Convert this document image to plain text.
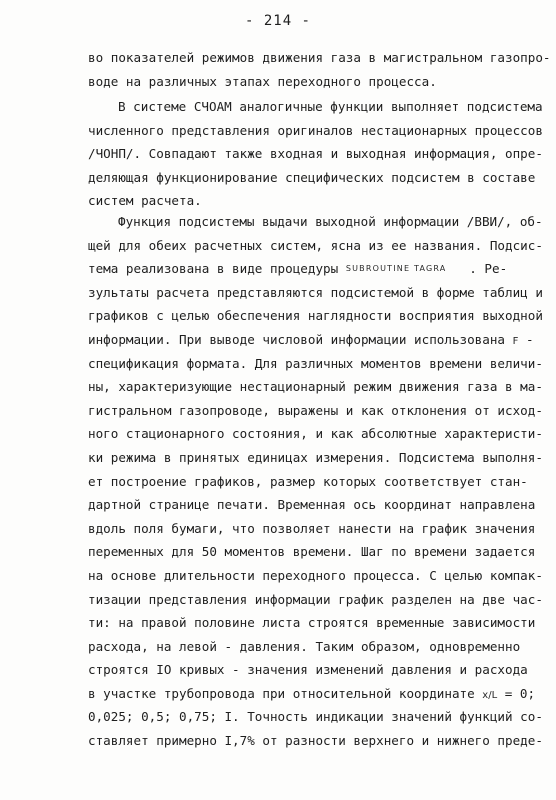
- 214 -
во показателей режимов движения газа в магистральном газопро-
воде на различных этапах переходного процесса.
В системе СЧОАМ аналогичные функции выполняет подсистема
численного представления оригиналов нестационарных процессов
/ЧОНП/. Совпадают также входная и выходная информация, опре-
деляющая функционирование специфических подсистем в составе
систем расчета.
Функция подсистемы выдачи выходной информации /ВВИ/, об-
щей для обеих расчетных систем, ясна из ее названия. Подсис-
тема реализована в виде процедуры SUBROUTINE TAGRA . Ре-
зультаты расчета представляются подсистемой в форме таблиц и
графиков с целью обеспечения наглядности восприятия выходной
информации. При выводе числовой информации использована F -
спецификация формата. Для различных моментов времени величи-
ны, характеризующие нестационарный режим движения газа в ма-
гистральном газопроводе, выражены и как отклонения от исход-
ного стационарного состояния, и как абсолютные характеристи-
ки режима в принятых единицах измерения. Подсистема выполня-
ет построение графиков, размер которых соответствует стан-
дартной странице печати. Временная ось координат направлена
вдоль поля бумаги, что позволяет нанести на график значения
переменных для 50 моментов времени. Шаг по времени задается
на основе длительности переходного процесса. С целью компак-
тизации представления информации график разделен на две час-
ти: на правой половине листа строятся временные зависимости
расхода, на левой - давления. Таким образом, одновременно
строятся IO кривых - значения изменений давления и расхода
в участке трубопровода при относительной координате x/L = 0;
0,025; 0,5; 0,75; I. Точность индикации значений функций со-
ставляет примерно I,7% от разности верхнего и нижнего преде-
